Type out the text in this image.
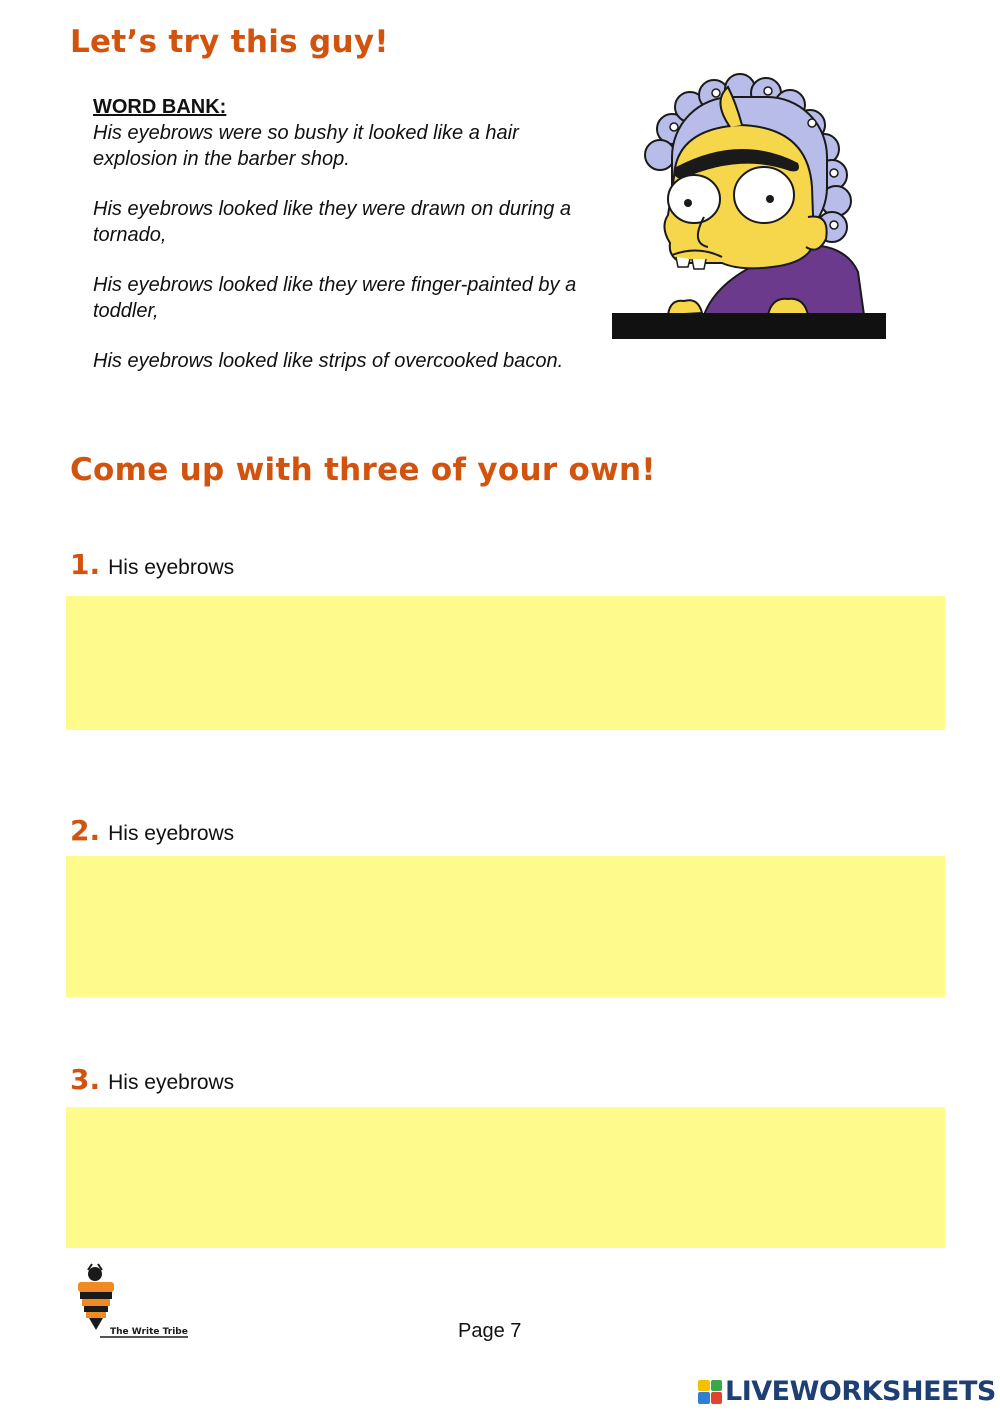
Let’s try this guy!
WORD BANK:
His eyebrows were so bushy it looked like a hair explosion in the barber shop.
His eyebrows looked like they were drawn on during a tornado,
His eyebrows looked like they were finger-painted by a toddler,
His eyebrows looked like strips of overcooked bacon.
Come up with three of your own!
1. His eyebrows
2. His eyebrows
3. His eyebrows
The Write Tribe	Page 7
LIVEWORKSHEETS
